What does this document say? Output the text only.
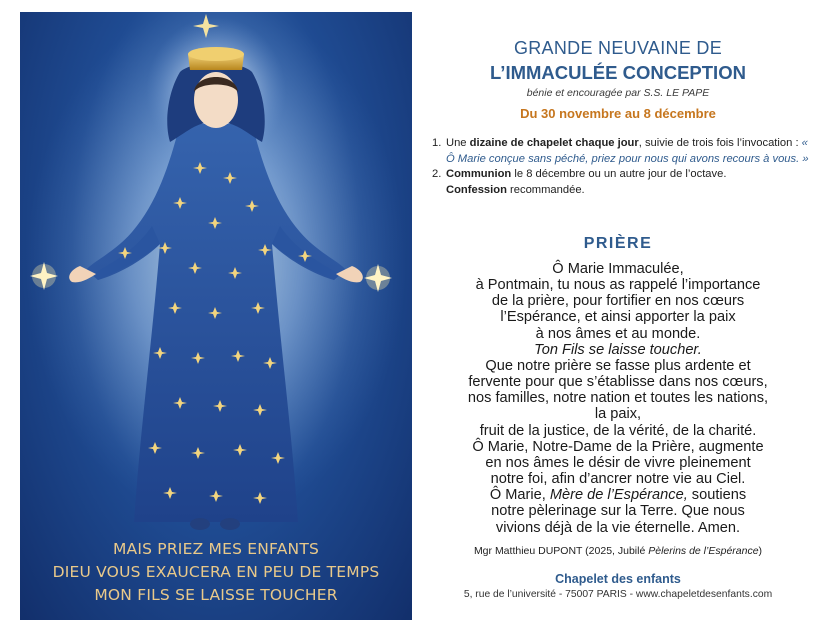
MAIS PRIEZ MES ENFANTS
DIEU VOUS EXAUCERA EN PEU DE TEMPS
MON FILS SE LAISSE TOUCHER
GRANDE NEUVAINE DE
L’IMMACULÉE CONCEPTION
bénie et encouragée par S.S. LE PAPE
Du 30 novembre au 8 décembre
1. Une dizaine de chapelet chaque jour, suivie de trois fois l’invocation : « Ô Marie conçue sans péché, priez pour nous qui avons recours à vous. »
2. Communion le 8 décembre ou un autre jour de l’octave.
Confession recommandée.
PRIÈRE
Ô Marie Immaculée,
à Pontmain, tu nous as rappelé l’importance
de la prière, pour fortifier en nos cœurs
l’Espérance, et ainsi apporter la paix
à nos âmes et au monde.
Ton Fils se laisse toucher.
Que notre prière se fasse plus ardente et
fervente pour que s’établisse dans nos cœurs,
nos familles, notre nation et toutes les nations,
la paix,
fruit de la justice, de la vérité, de la charité.
Ô Marie, Notre-Dame de la Prière, augmente
en nos âmes le désir de vivre pleinement
notre foi, afin d’ancrer notre vie au Ciel.
Ô Marie, Mère de l’Espérance, soutiens
notre pèlerinage sur la Terre. Que nous
vivions déjà de la vie éternelle. Amen.
Mgr Matthieu DUPONT (2025, Jubilé Pèlerins de l’Espérance)
Chapelet des enfants
5, rue de l’université - 75007 PARIS - www.chapeletdesenfants.com
